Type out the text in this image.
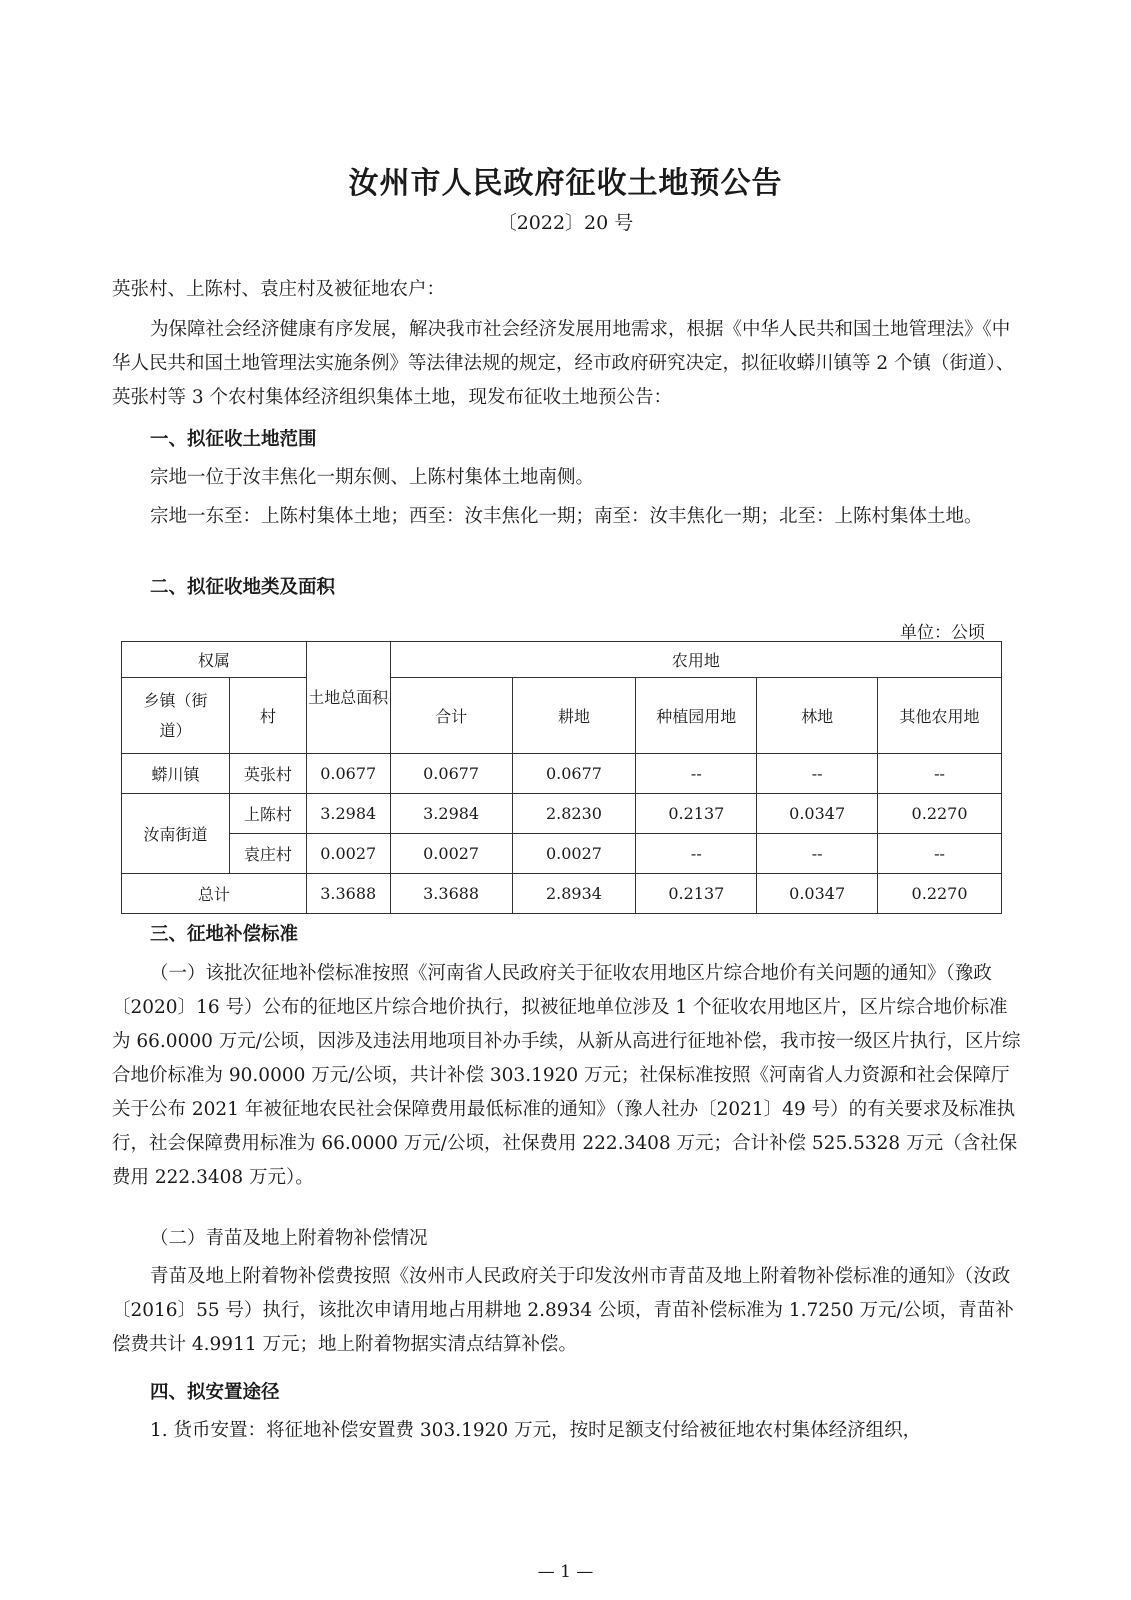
汝州市人民政府征收土地预公告
〔2022〕20 号

英张村、上陈村、袁庄村及被征地农户：

为保障社会经济健康有序发展，解决我市社会经济发展用地需求，根据《中华人民共和国土地管理法》《中华人民共和国土地管理法实施条例》等法律法规的规定，经市政府研究决定，拟征收蟒川镇等 2 个镇（街道）、英张村等 3 个农村集体经济组织集体土地，现发布征收土地预公告：

一、拟征收土地范围

宗地一位于汝丰焦化一期东侧、上陈村集体土地南侧。

宗地一东至：上陈村集体土地；西至：汝丰焦化一期；南至：汝丰焦化一期；北至：上陈村集体土地。

二、拟征收地类及面积

单位：公顷
权属		土地总面积	农用地				
乡镇（街道）	村		合计	耕地	种植园用地	林地	其他农用地
蟒川镇	英张村	0.0677	0.0677	0.0677	--	--	--
汝南街道	上陈村	3.2984	3.2984	2.8230	0.2137	0.0347	0.2270
	袁庄村	0.0027	0.0027	0.0027	--	--	--
总计		3.3688	3.3688	2.8934	0.2137	0.0347	0.2270

三、征地补偿标准

（一）该批次征地补偿标准按照《河南省人民政府关于征收农用地区片综合地价有关问题的通知》（豫政〔2020〕16 号）公布的征地区片综合地价执行，拟被征地单位涉及 1 个征收农用地区片，区片综合地价标准为 66.0000 万元/公顷，因涉及违法用地项目补办手续，从新从高进行征地补偿，我市按一级区片执行，区片综合地价标准为 90.0000 万元/公顷，共计补偿 303.1920 万元；社保标准按照《河南省人力资源和社会保障厅关于公布 2021 年被征地农民社会保障费用最低标准的通知》（豫人社办〔2021〕49 号）的有关要求及标准执行，社会保障费用标准为 66.0000 万元/公顷，社保费用 222.3408 万元；合计补偿 525.5328 万元（含社保费用 222.3408 万元）。

（二）青苗及地上附着物补偿情况

青苗及地上附着物补偿费按照《汝州市人民政府关于印发汝州市青苗及地上附着物补偿标准的通知》（汝政〔2016〕55 号）执行，该批次申请用地占用耕地 2.8934 公顷，青苗补偿标准为 1.7250 万元/公顷，青苗补偿费共计 4.9911 万元；地上附着物据实清点结算补偿。

四、拟安置途径

1. 货币安置：将征地补偿安置费 303.1920 万元，按时足额支付给被征地农村集体经济组织，

— 1 —
